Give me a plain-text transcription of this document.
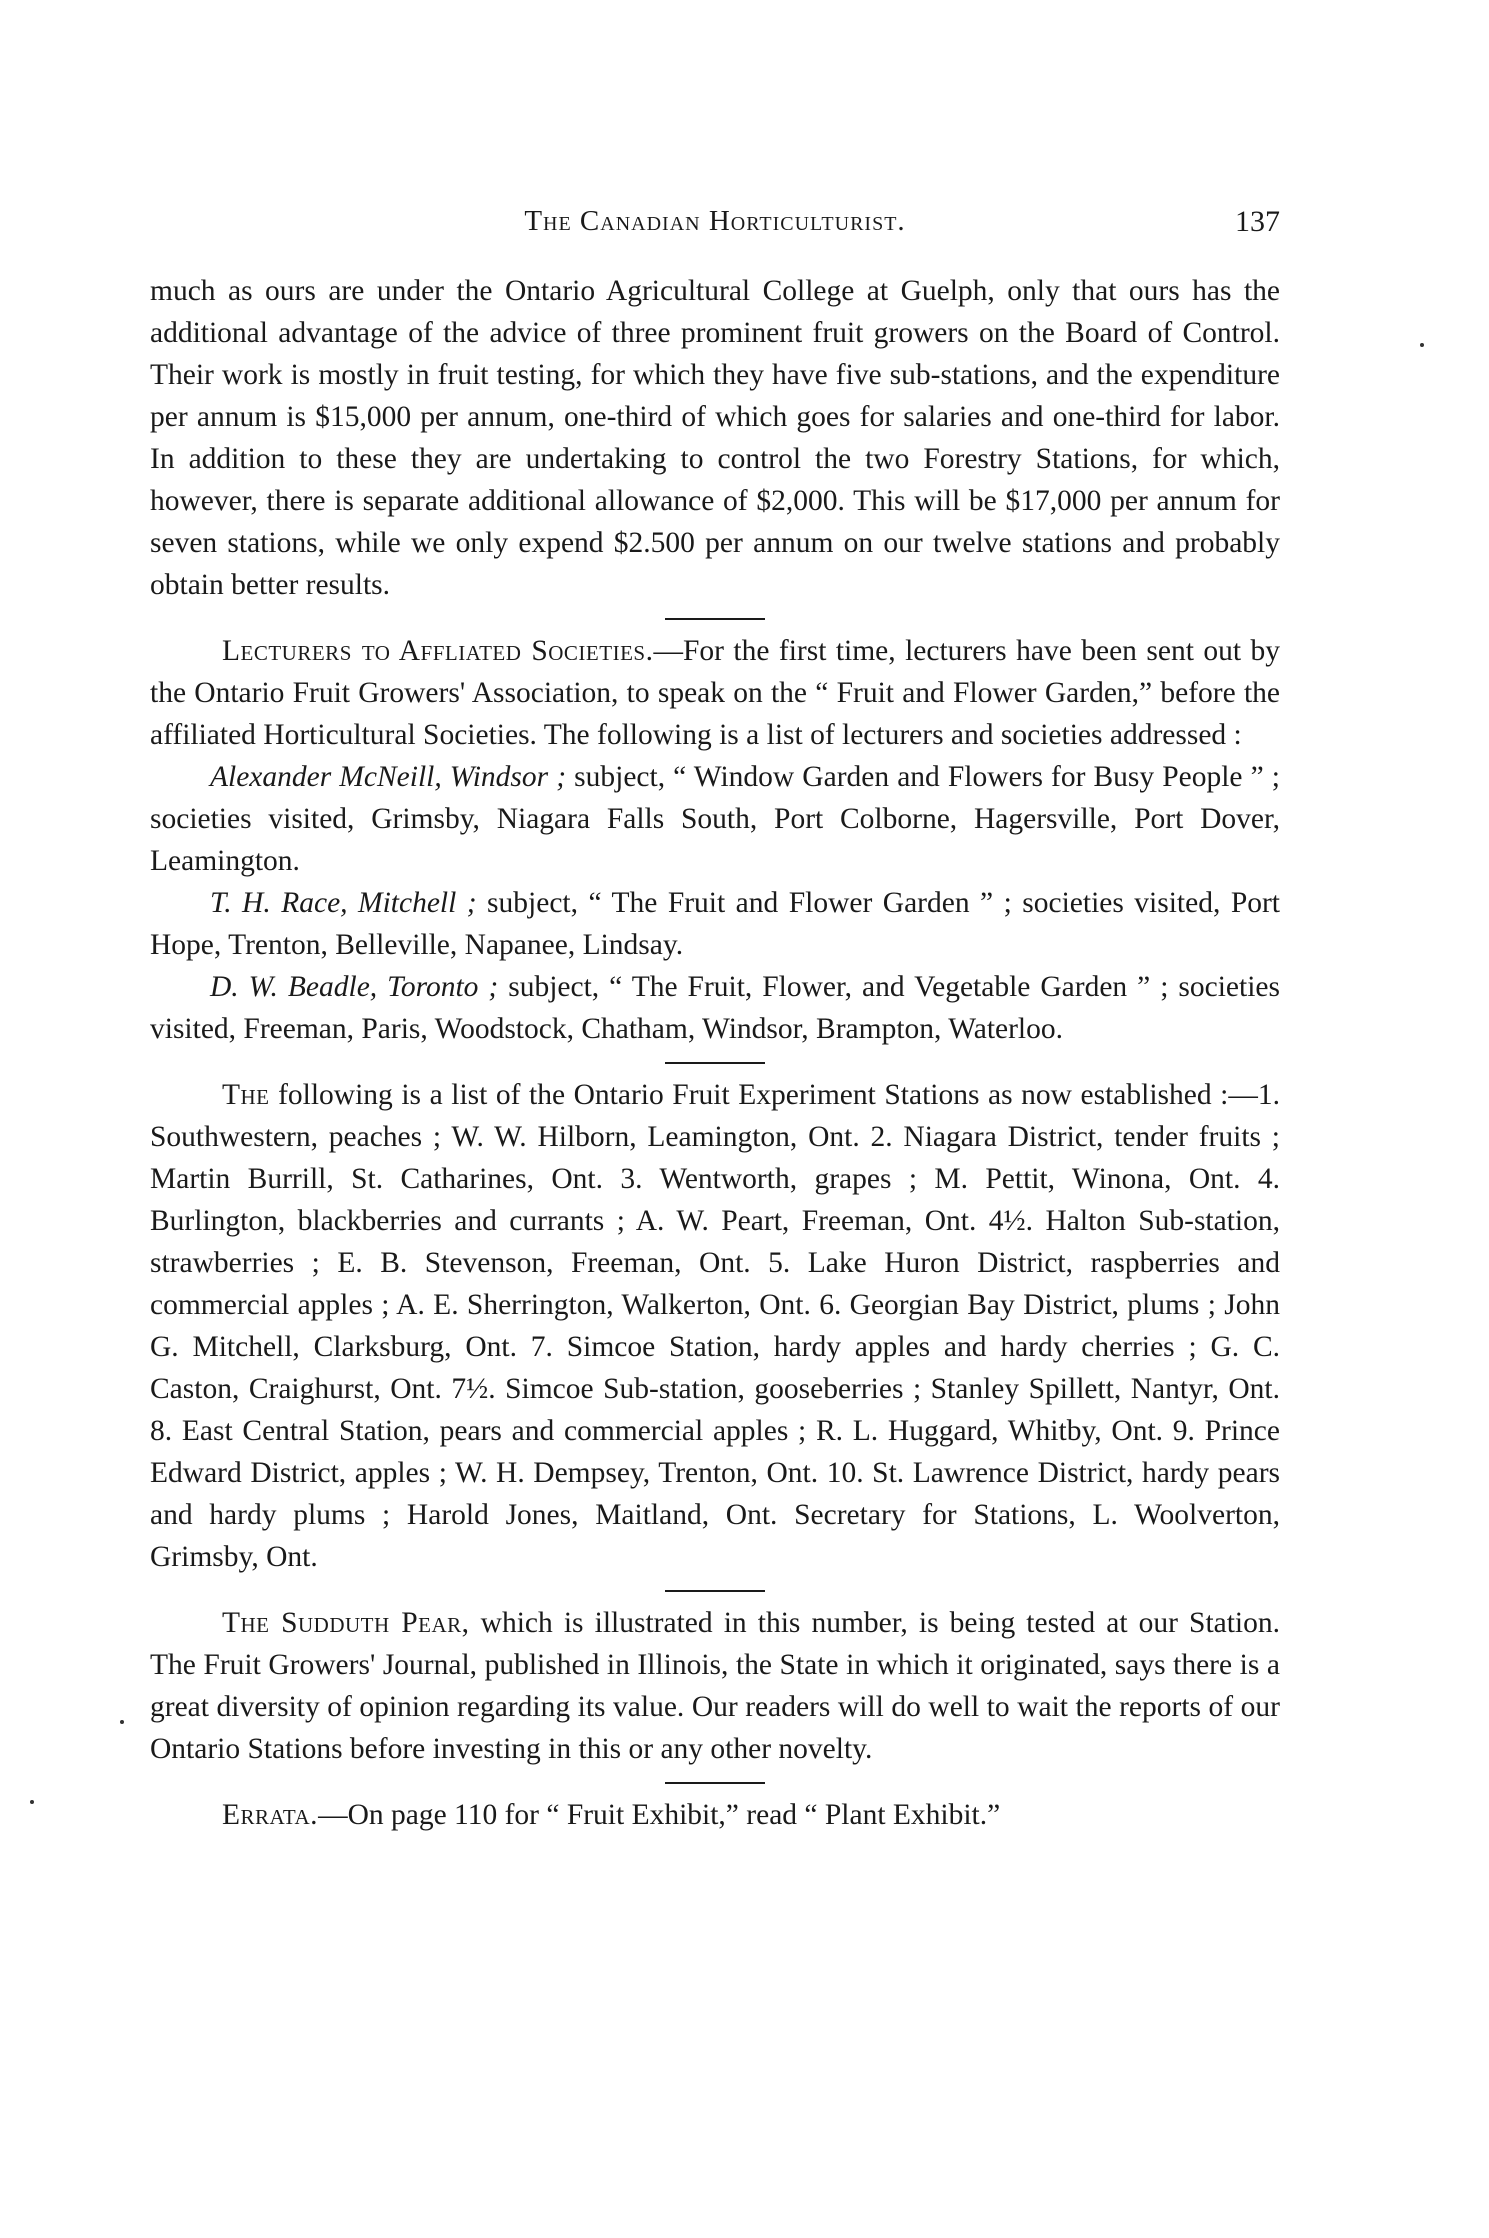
The Canadian Horticulturist.	137

much as ours are under the Ontario Agricultural College at Guelph, only that ours has the additional advantage of the advice of three prominent fruit growers on the Board of Control. Their work is mostly in fruit testing, for which they have five sub-stations, and the expenditure per annum is $15,000 per annum, one-third of which goes for salaries and one-third for labor. In addition to these they are undertaking to control the two Forestry Stations, for which, however, there is separate additional allowance of $2,000. This will be $17,000 per annum for seven stations, while we only expend $2.500 per annum on our twelve stations and probably obtain better results.

Lecturers to Affliated Societies.—For the first time, lecturers have been sent out by the Ontario Fruit Growers' Association, to speak on the “ Fruit and Flower Garden,” before the affiliated Horticultural Societies. The following is a list of lecturers and societies addressed :

Alexander McNeill, Windsor ; subject, “ Window Garden and Flowers for Busy People ” ; societies visited, Grimsby, Niagara Falls South, Port Colborne, Hagersville, Port Dover, Leamington.

T. H. Race, Mitchell ; subject, “ The Fruit and Flower Garden ” ; societies visited, Port Hope, Trenton, Belleville, Napanee, Lindsay.

D. W. Beadle, Toronto ; subject, “ The Fruit, Flower, and Vegetable Garden ” ; societies visited, Freeman, Paris, Woodstock, Chatham, Windsor, Brampton, Waterloo.

The following is a list of the Ontario Fruit Experiment Stations as now established :—1. Southwestern, peaches ; W. W. Hilborn, Leamington, Ont. 2. Niagara District, tender fruits ; Martin Burrill, St. Catharines, Ont. 3. Wentworth, grapes ; M. Pettit, Winona, Ont. 4. Burlington, blackberries and currants ; A. W. Peart, Freeman, Ont. 4½. Halton Sub-station, strawberries ; E. B. Stevenson, Freeman, Ont. 5. Lake Huron District, raspberries and commercial apples ; A. E. Sherrington, Walkerton, Ont. 6. Georgian Bay District, plums ; John G. Mitchell, Clarksburg, Ont. 7. Simcoe Station, hardy apples and hardy cherries ; G. C. Caston, Craighurst, Ont. 7½. Simcoe Sub-station, gooseberries ; Stanley Spillett, Nantyr, Ont. 8. East Central Station, pears and commercial apples ; R. L. Huggard, Whitby, Ont. 9. Prince Edward District, apples ; W. H. Dempsey, Trenton, Ont. 10. St. Lawrence District, hardy pears and hardy plums ; Harold Jones, Maitland, Ont. Secretary for Stations, L. Woolverton, Grimsby, Ont.

The Sudduth Pear, which is illustrated in this number, is being tested at our Station. The Fruit Growers' Journal, published in Illinois, the State in which it originated, says there is a great diversity of opinion regarding its value. Our readers will do well to wait the reports of our Ontario Stations before investing in this or any other novelty.

Errata.—On page 110 for “ Fruit Exhibit,” read “ Plant Exhibit.”
